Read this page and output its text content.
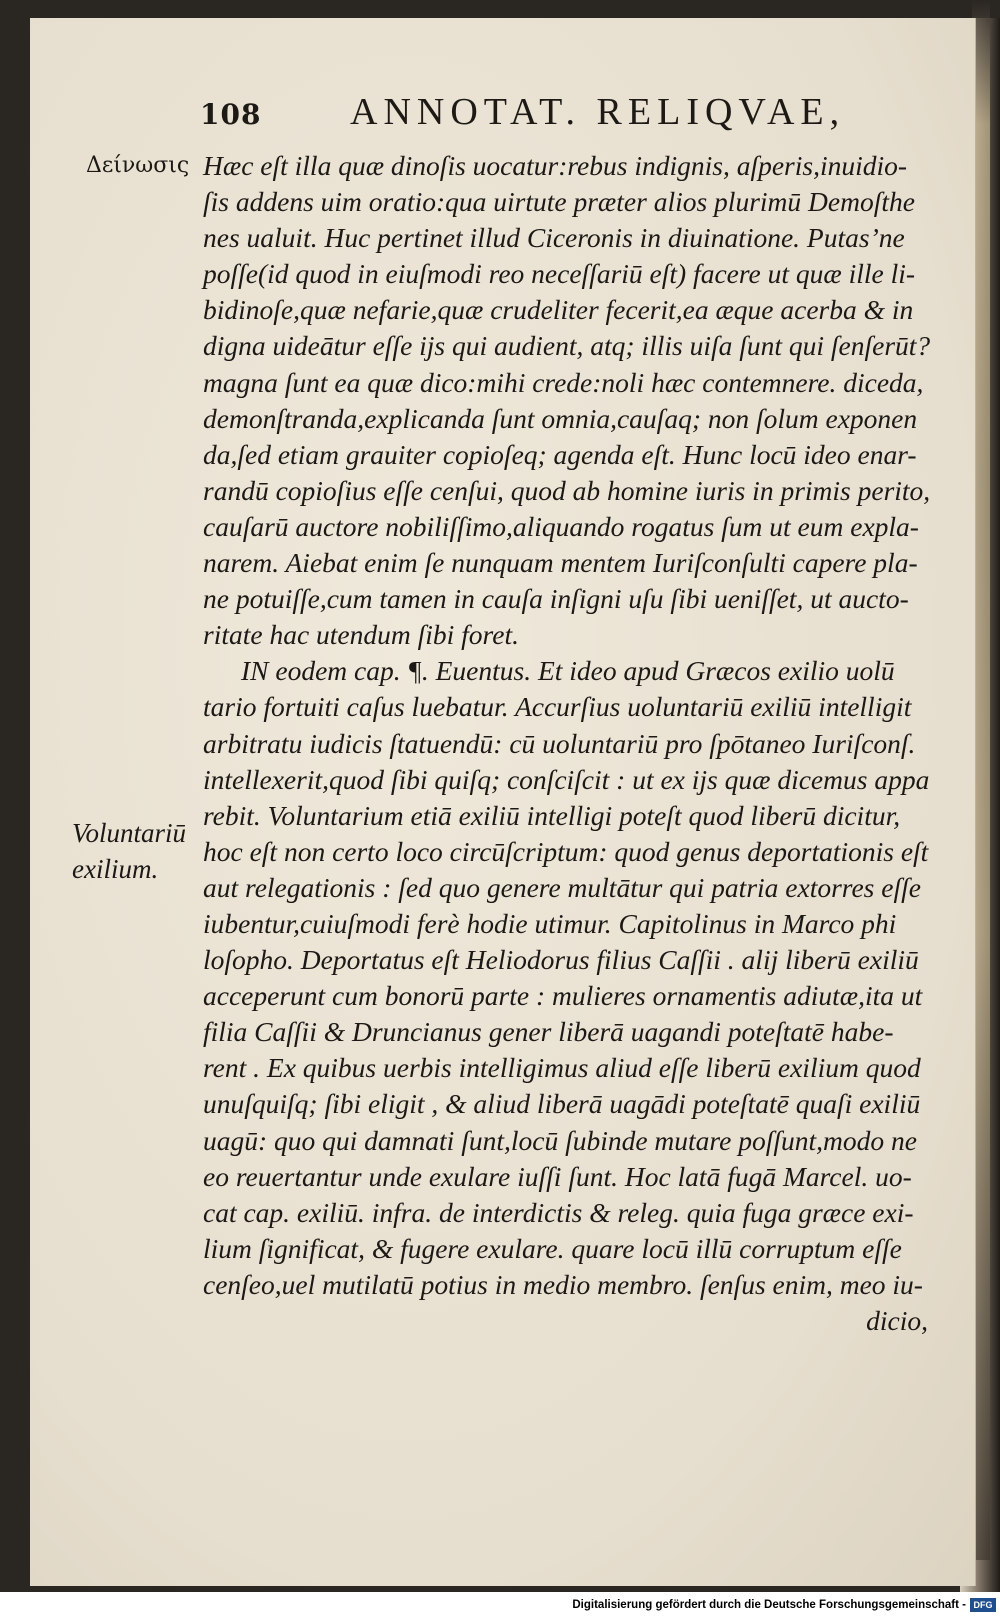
108 ANNOTAT. RELIQVAE,
Δείνωσις
Voluntariū
exilium.
Hæc eſt illa quæ dinoſis uocatur:rebus indignis, aſperis,inuidio-
ſis addens uim oratio:qua uirtute præter alios plurimū Demoſthe
nes ualuit. Huc pertinet illud Ciceronis in diuinatione. Putas’ne
poſſe(id quod in eiuſmodi reo neceſſariū eſt) facere ut quæ ille li-
bidinoſe,quæ nefarie,quæ crudeliter fecerit,ea æque acerba & in
digna uideātur eſſe ijs qui audient, atq; illis uiſa ſunt qui ſenſerūt?
magna ſunt ea quæ dico:mihi crede:noli hæc contemnere. diceda,
demonſtranda,explicanda ſunt omnia,cauſaq; non ſolum exponen
da,ſed etiam grauiter copioſeq; agenda eſt. Hunc locū ideo enar-
randū copioſius eſſe cenſui, quod ab homine iuris in primis perito,
cauſarū auctore nobiliſſimo,aliquando rogatus ſum ut eum expla-
narem. Aiebat enim ſe nunquam mentem Iuriſconſulti capere pla-
ne potuiſſe,cum tamen in cauſa inſigni uſu ſibi ueniſſet, ut aucto-
ritate hac utendum ſibi foret.
IN eodem cap. ¶. Euentus. Et ideo apud Græcos exilio uolū
tario fortuiti caſus luebatur. Accurſius uoluntariū exiliū intelligit
arbitratu iudicis ſtatuendū: cū uoluntariū pro ſpōtaneo Iuriſconſ.
intellexerit,quod ſibi quiſq; conſciſcit : ut ex ijs quæ dicemus appa
rebit. Voluntarium etiā exiliū intelligi poteſt quod liberū dicitur,
hoc eſt non certo loco circūſcriptum: quod genus deportationis eſt
aut relegationis : ſed quo genere multātur qui patria extorres eſſe
iubentur,cuiuſmodi ferè hodie utimur. Capitolinus in Marco phi
loſopho. Deportatus eſt Heliodorus filius Caſſii . alij liberū exiliū
acceperunt cum bonorū parte : mulieres ornamentis adiutæ,ita ut
filia Caſſii & Druncianus gener liberā uagandi poteſtatē habe-
rent . Ex quibus uerbis intelligimus aliud eſſe liberū exilium quod
unuſquiſq; ſibi eligit , & aliud liberā uagādi poteſtatē quaſi exiliū
uagū: quo qui damnati ſunt,locū ſubinde mutare poſſunt,modo ne
eo reuertantur unde exulare iuſſi ſunt. Hoc latā fugā Marcel. uo-
cat cap. exiliū. infra. de interdictis & releg. quia fuga græce exi-
lium ſignificat, & fugere exulare. quare locū illū corruptum eſſe
cenſeo,uel mutilatū potius in medio membro. ſenſus enim, meo iu-
dicio,
Digitalisierung gefördert durch die Deutsche Forschungsgemeinschaft - DFG
